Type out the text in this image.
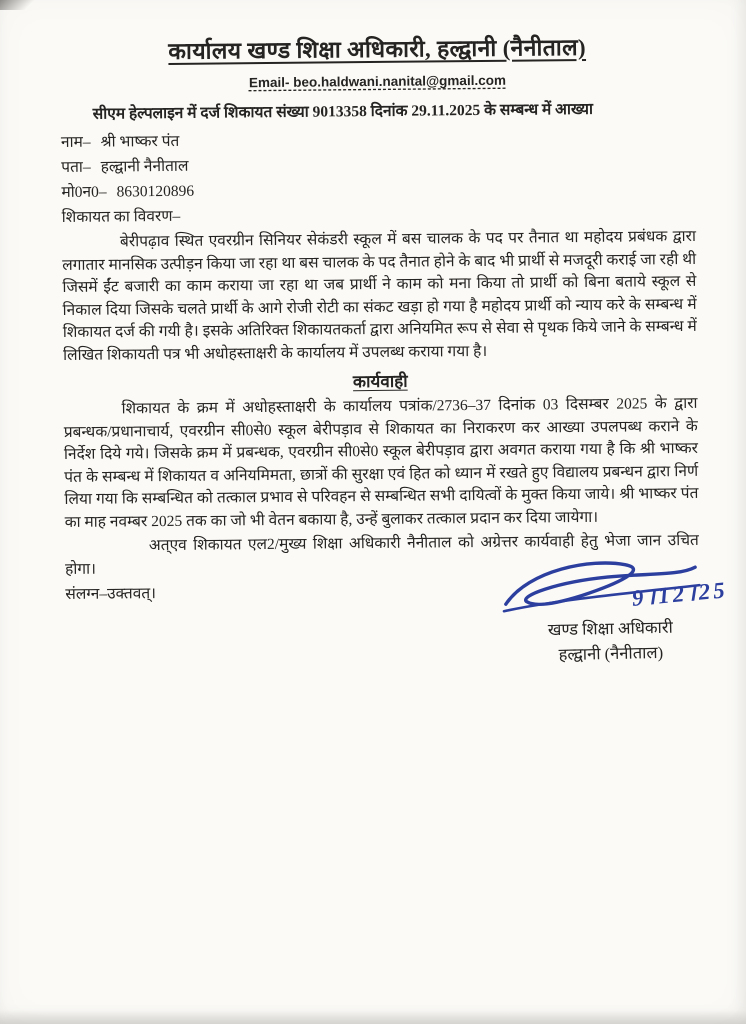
कार्यालय खण्ड शिक्षा अधिकारी, हल्द्वानी (नैनीताल)
Email- beo.haldwani.nanital@gmail.com
सीएम हेल्पलाइन में दर्ज शिकायत संख्या 9013358 दिनांक 29.11.2025 के सम्बन्ध में आख्या
नाम– श्री भाष्कर पंत
पता– हल्द्वानी नैनीताल
मो0न0– 8630120896
शिकायत का विवरण–

बेरीपढ़ाव स्थित एवरग्रीन सिनियर सेकंडरी स्कूल में बस चालक के पद पर तैनात था महोदय प्रबंधक द्वारा लगातार मानसिक उत्पीड़न किया जा रहा था बस चालक के पद तैनात होने के बाद भी प्रार्थी से मजदूरी कराई जा रही थी जिसमें ईंट बजारी का काम कराया जा रहा था जब प्रार्थी ने काम को मना किया तो प्रार्थी को बिना बताये स्कूल से निकाल दिया जिसके चलते प्रार्थी के आगे रोजी रोटी का संकट खड़ा हो गया है महोदय प्रार्थी को न्याय करे के सम्बन्ध में शिकायत दर्ज की गयी है। इसके अतिरिक्त शिकायतकर्ता द्वारा अनियमित रूप से सेवा से पृथक किये जाने के सम्बन्ध में लिखित शिकायती पत्र भी अधोहस्ताक्षरी के कार्यालय में उपलब्ध कराया गया है।

कार्यवाही

शिकायत के क्रम में अधोहस्ताक्षरी के कार्यालय पत्रांक/2736–37 दिनांक 03 दिसम्बर 2025 के द्वारा प्रबन्धक/प्रधानाचार्य, एवरग्रीन सी0से0 स्कूल बेरीपड़ाव से शिकायत का निराकरण कर आख्या उपलपब्ध कराने के निर्देश दिये गये। जिसके क्रम में प्रबन्धक, एवरग्रीन सी0से0 स्कूल बेरीपड़ाव द्वारा अवगत कराया गया है कि श्री भाष्कर पंत के सम्बन्ध में शिकायत व अनियमिमता, छात्रों की सुरक्षा एवं हित को ध्यान में रखते हुए विद्यालय प्रबन्धन द्वारा निर्ण लिया गया कि सम्बन्धित को तत्काल प्रभाव से परिवहन से सम्बन्धित सभी दायित्वों के मुक्त किया जाये। श्री भाष्कर पंत का माह नवम्बर 2025 तक का जो भी वेतन बकाया है, उन्हें बुलाकर तत्काल प्रदान कर दिया जायेगा।

अत्एव शिकायत एल2/मुख्य शिक्षा अधिकारी नैनीताल को अग्रेत्तर कार्यवाही हेतु भेजा जान उचित होगा।

संलग्न–उक्तवत्।	9।12।25
खण्ड शिक्षा अधिकारी
हल्द्वानी (नैनीताल)
